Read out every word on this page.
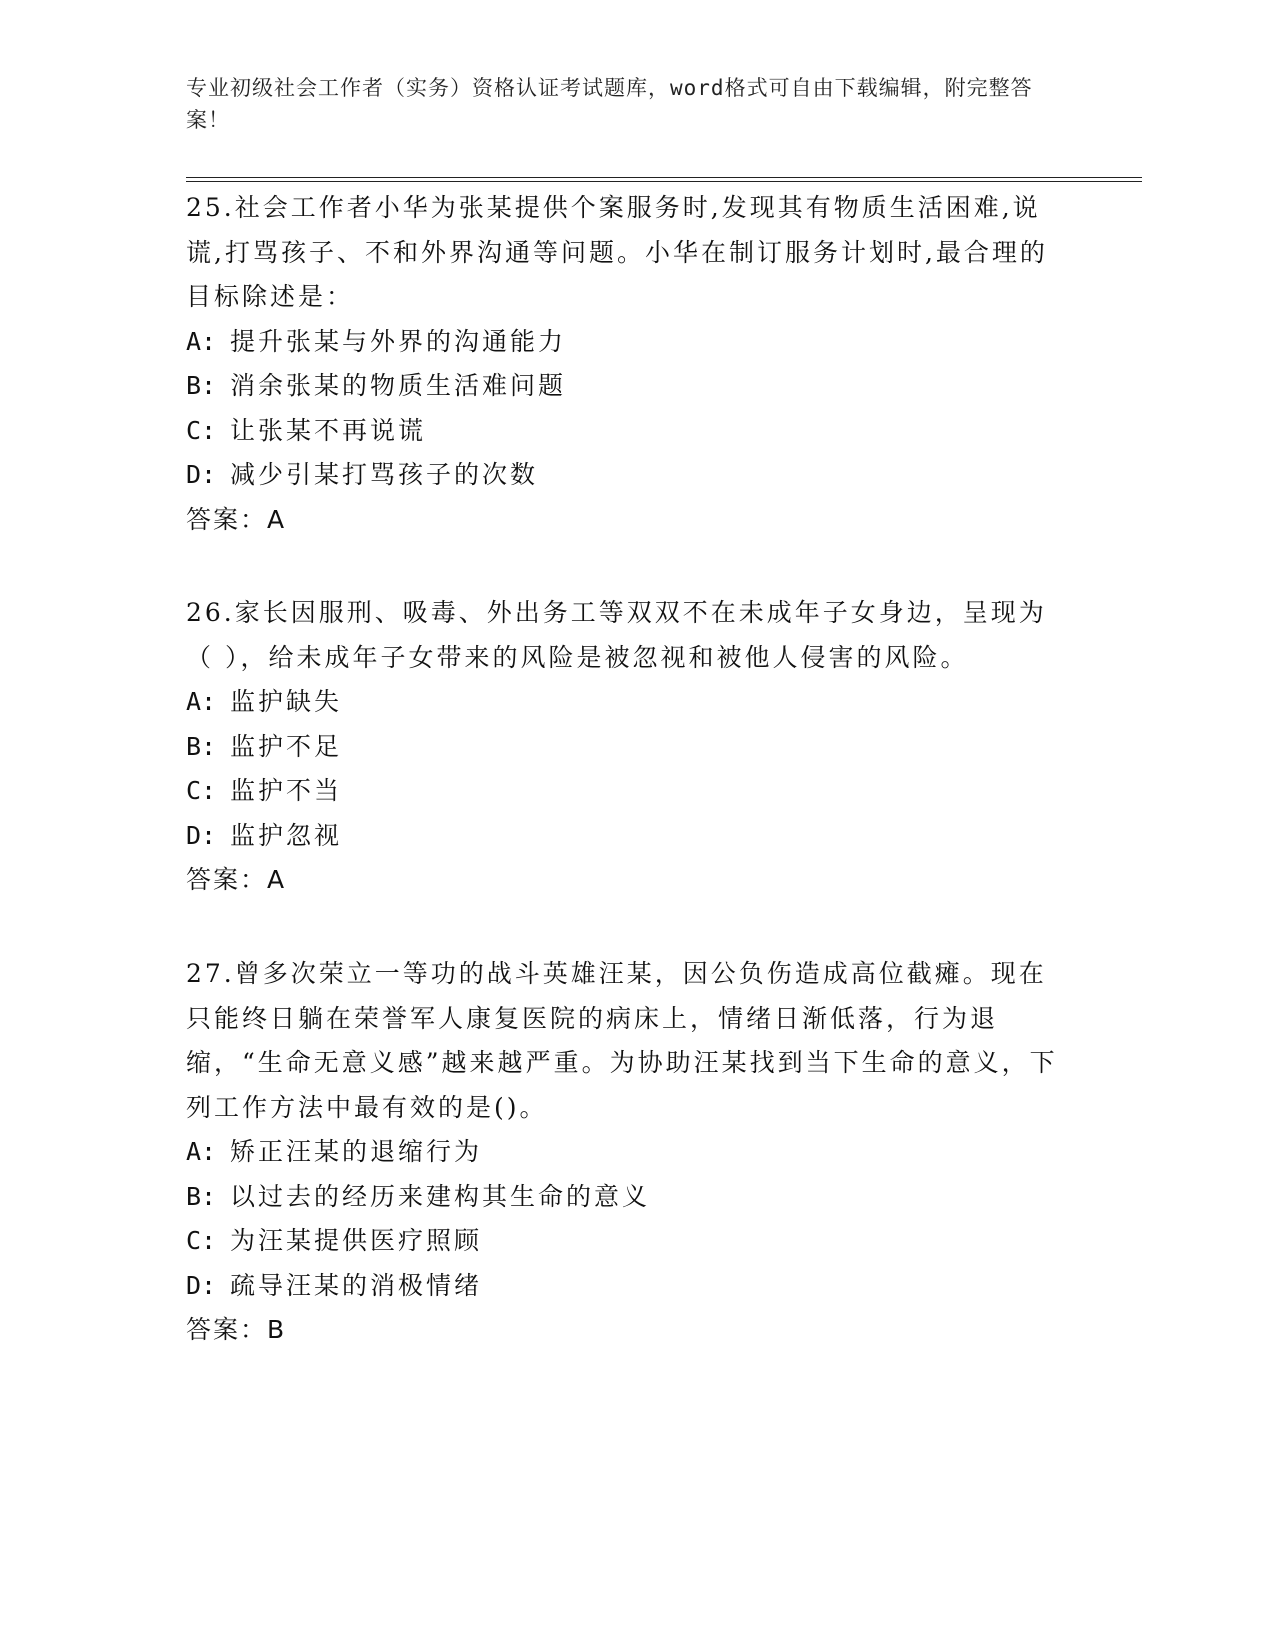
专业初级社会工作者（实务）资格认证考试题库，word格式可自由下载编辑，附完整答案！

25.社会工作者小华为张某提供个案服务时,发现其有物质生活困难,说谎,打骂孩子、不和外界沟通等问题。小华在制订服务计划时,最合理的目标除述是：

A: 提升张某与外界的沟通能力

B: 消余张某的物质生活难问题

C: 让张某不再说谎

D: 减少引某打骂孩子的次数

答案：A

26.家长因服刑、吸毒、外出务工等双双不在未成年子女身边，呈现为（ ），给未成年子女带来的风险是被忽视和被他人侵害的风险。

A: 监护缺失

B: 监护不足

C: 监护不当

D: 监护忽视

答案：A

27.曾多次荣立一等功的战斗英雄汪某，因公负伤造成高位截瘫。现在只能终日躺在荣誉军人康复医院的病床上，情绪日渐低落，行为退缩，“生命无意义感”越来越严重。为协助汪某找到当下生命的意义，下列工作方法中最有效的是()。

A: 矫正汪某的退缩行为

B: 以过去的经历来建构其生命的意义

C: 为汪某提供医疗照顾

D: 疏导汪某的消极情绪

答案：B
